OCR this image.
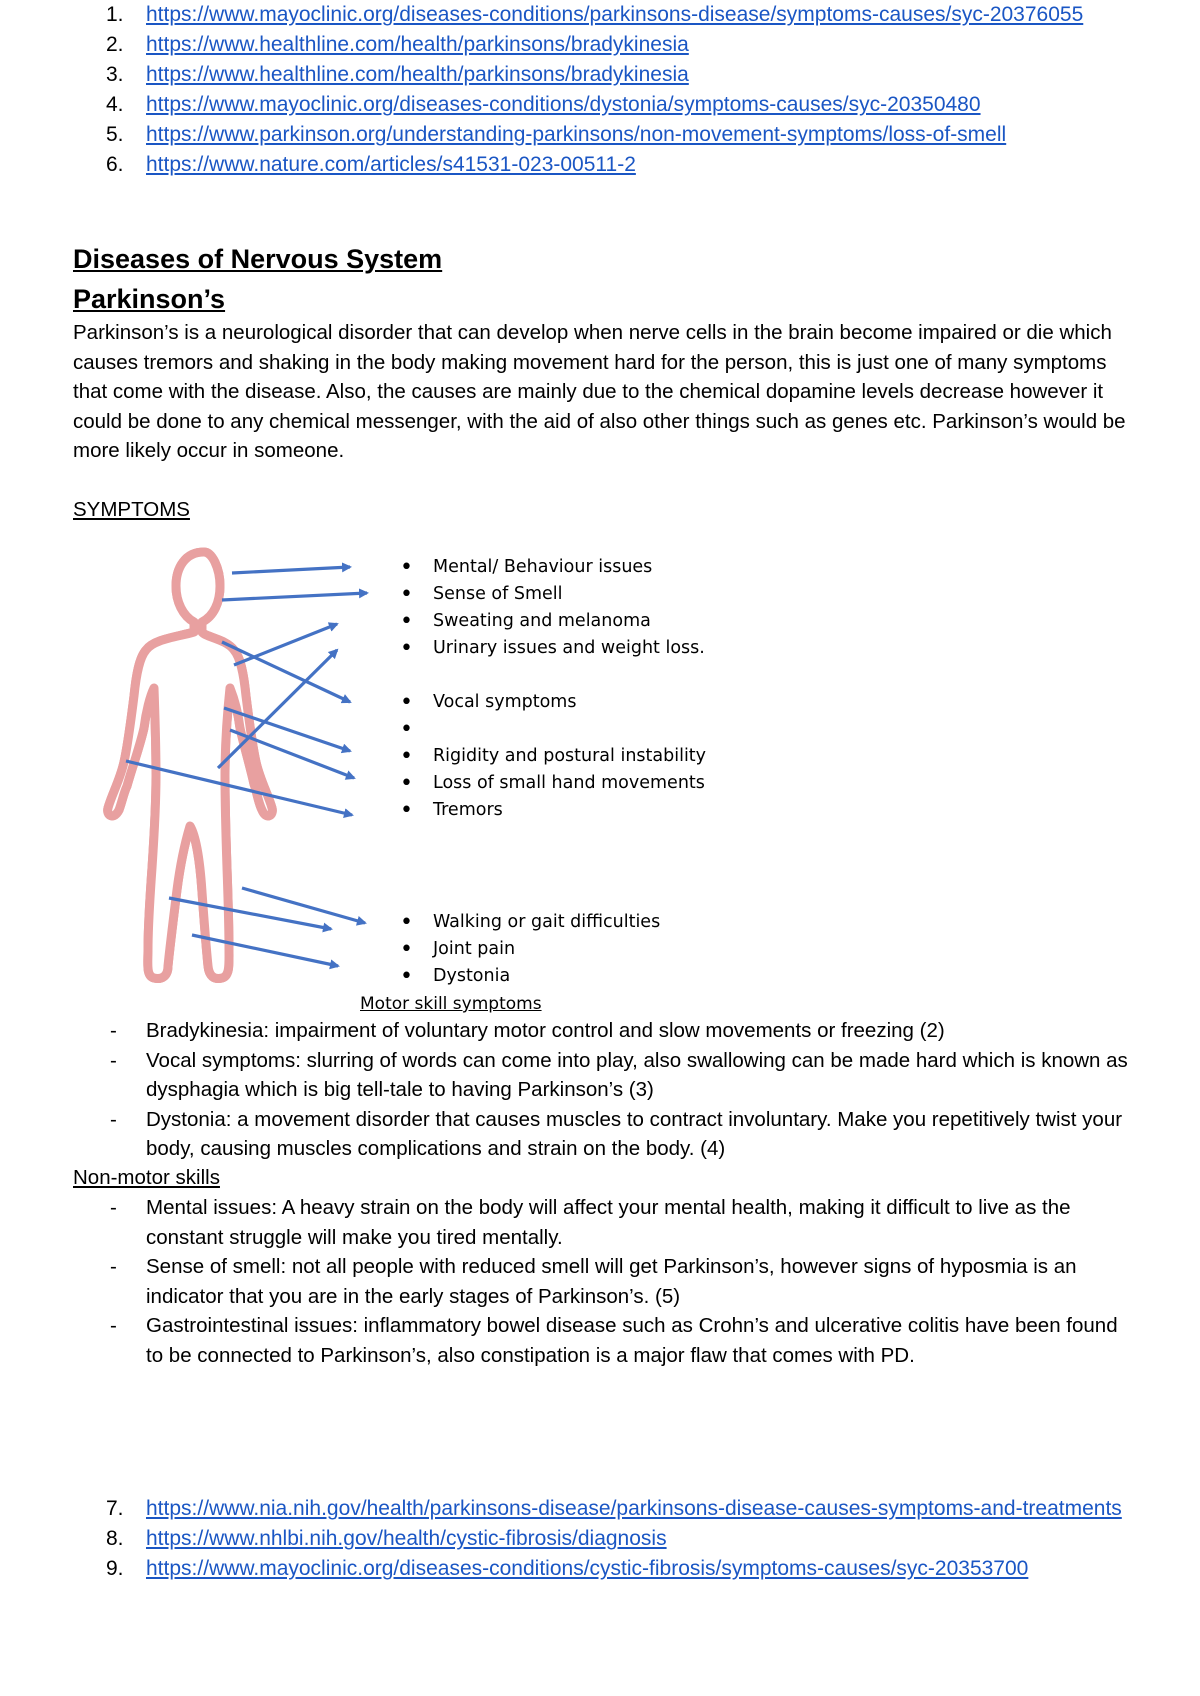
1. https://www.mayoclinic.org/diseases-conditions/parkinsons-disease/symptoms-causes/syc-20376055
2. https://www.healthline.com/health/parkinsons/bradykinesia
3. https://www.healthline.com/health/parkinsons/bradykinesia
4. https://www.mayoclinic.org/diseases-conditions/dystonia/symptoms-causes/syc-20350480
5. https://www.parkinson.org/understanding-parkinsons/non-movement-symptoms/loss-of-smell
6. https://www.nature.com/articles/s41531-023-00511-2
Diseases of Nervous System
Parkinson’s

Parkinson’s is a neurological disorder that can develop when nerve cells in the brain become impaired or die which causes tremors and shaking in the body making movement hard for the person, this is just one of many symptoms that come with the disease. Also, the causes are mainly due to the chemical dopamine levels decrease however it could be done to any chemical messenger, with the aid of also other things such as genes etc. Parkinson’s would be more likely occur in someone.

SYMPTOMS
• Mental/ Behaviour issues
• Sense of Smell
• Sweating and melanoma
• Urinary issues and weight loss.
• Vocal symptoms
•
• Rigidity and postural instability
• Loss of small hand movements
• Tremors
• Walking or gait difficulties
• Joint pain
• Dystonia
Motor skill symptoms
- Bradykinesia: impairment of voluntary motor control and slow movements or freezing (2)
- Vocal symptoms: slurring of words can come into play, also swallowing can be made hard which is known as dysphagia which is big tell-tale to having Parkinson’s (3)
- Dystonia: a movement disorder that causes muscles to contract involuntary. Make you repetitively twist your body, causing muscles complications and strain on the body. (4)
Non-motor skills
- Mental issues: A heavy strain on the body will affect your mental health, making it difficult to live as the constant struggle will make you tired mentally.
- Sense of smell: not all people with reduced smell will get Parkinson’s, however signs of hyposmia is an indicator that you are in the early stages of Parkinson’s. (5)
- Gastrointestinal issues: inflammatory bowel disease such as Crohn’s and ulcerative colitis have been found to be connected to Parkinson’s, also constipation is a major flaw that comes with PD.
7. https://www.nia.nih.gov/health/parkinsons-disease/parkinsons-disease-causes-symptoms-and-treatments
8. https://www.nhlbi.nih.gov/health/cystic-fibrosis/diagnosis
9. https://www.mayoclinic.org/diseases-conditions/cystic-fibrosis/symptoms-causes/syc-20353700
